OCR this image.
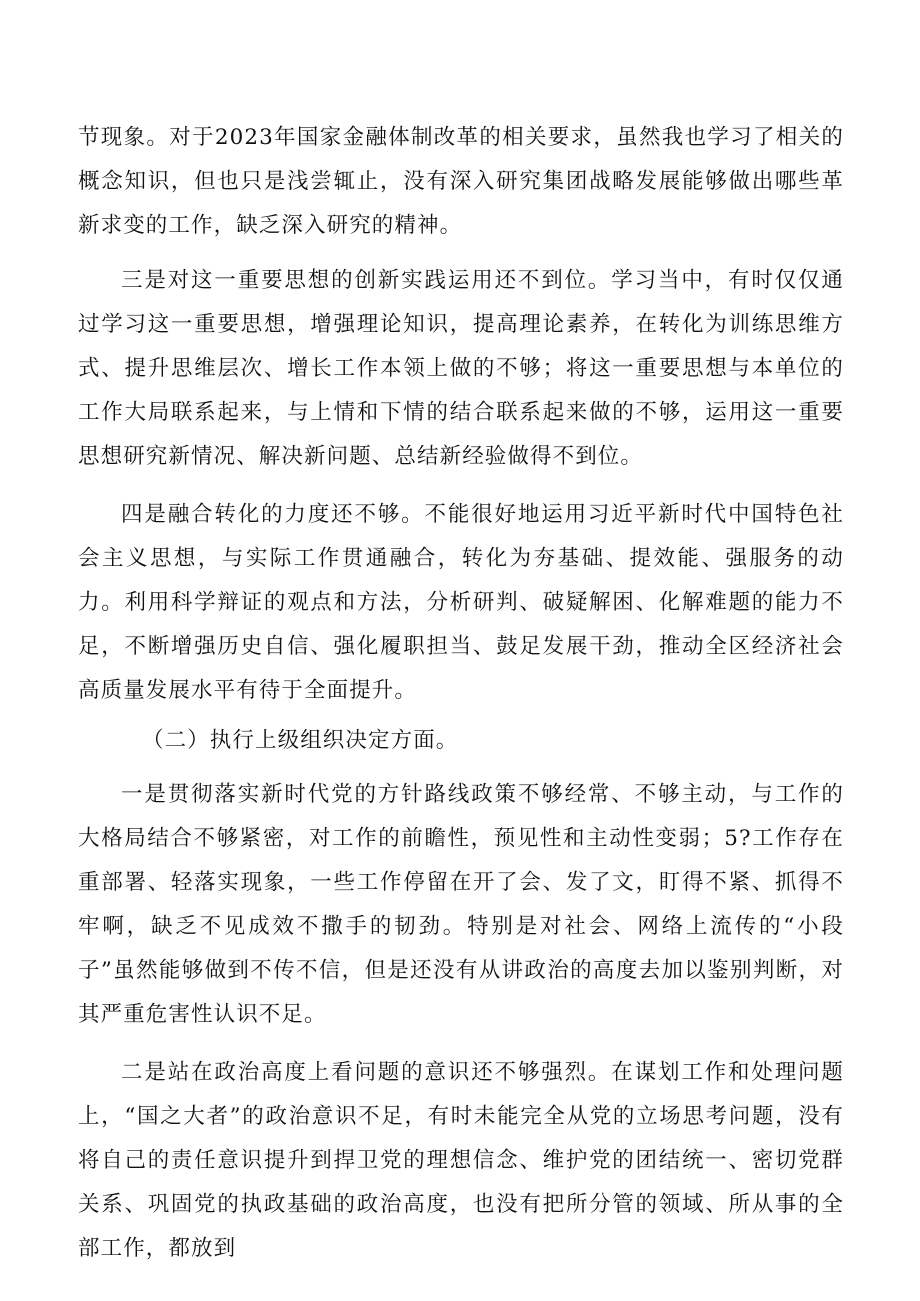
节现象。对于2023年国家金融体制改革的相关要求，虽然我也学习了相关的概念知识，但也只是浅尝辄止，没有深入研究集团战略发展能够做出哪些革新求变的工作，缺乏深入研究的精神。

三是对这一重要思想的创新实践运用还不到位。学习当中，有时仅仅通过学习这一重要思想，增强理论知识，提高理论素养，在转化为训练思维方式、提升思维层次、增长工作本领上做的不够；将这一重要思想与本单位的工作大局联系起来，与上情和下情的结合联系起来做的不够，运用这一重要思想研究新情况、解决新问题、总结新经验做得不到位。

四是融合转化的力度还不够。不能很好地运用习近平新时代中国特色社会主义思想，与实际工作贯通融合，转化为夯基础、提效能、强服务的动力。利用科学辩证的观点和方法，分析研判、破疑解困、化解难题的能力不足，不断增强历史自信、强化履职担当、鼓足发展干劲，推动全区经济社会高质量发展水平有待于全面提升。

（二）执行上级组织决定方面。

一是贯彻落实新时代党的方针路线政策不够经常、不够主动，与工作的大格局结合不够紧密，对工作的前瞻性，预见性和主动性变弱；5?工作存在重部署、轻落实现象，一些工作停留在开了会、发了文，盯得不紧、抓得不牢啊，缺乏不见成效不撒手的韧劲。特别是对社会、网络上流传的“小段子”虽然能够做到不传不信，但是还没有从讲政治的高度去加以鉴别判断，对其严重危害性认识不足。

二是站在政治高度上看问题的意识还不够强烈。在谋划工作和处理问题上，“国之大者”的政治意识不足，有时未能完全从党的立场思考问题，没有将自己的责任意识提升到捍卫党的理想信念、维护党的团结统一、密切党群关系、巩固党的执政基础的政治高度，也没有把所分管的领域、所从事的全部工作，都放到
